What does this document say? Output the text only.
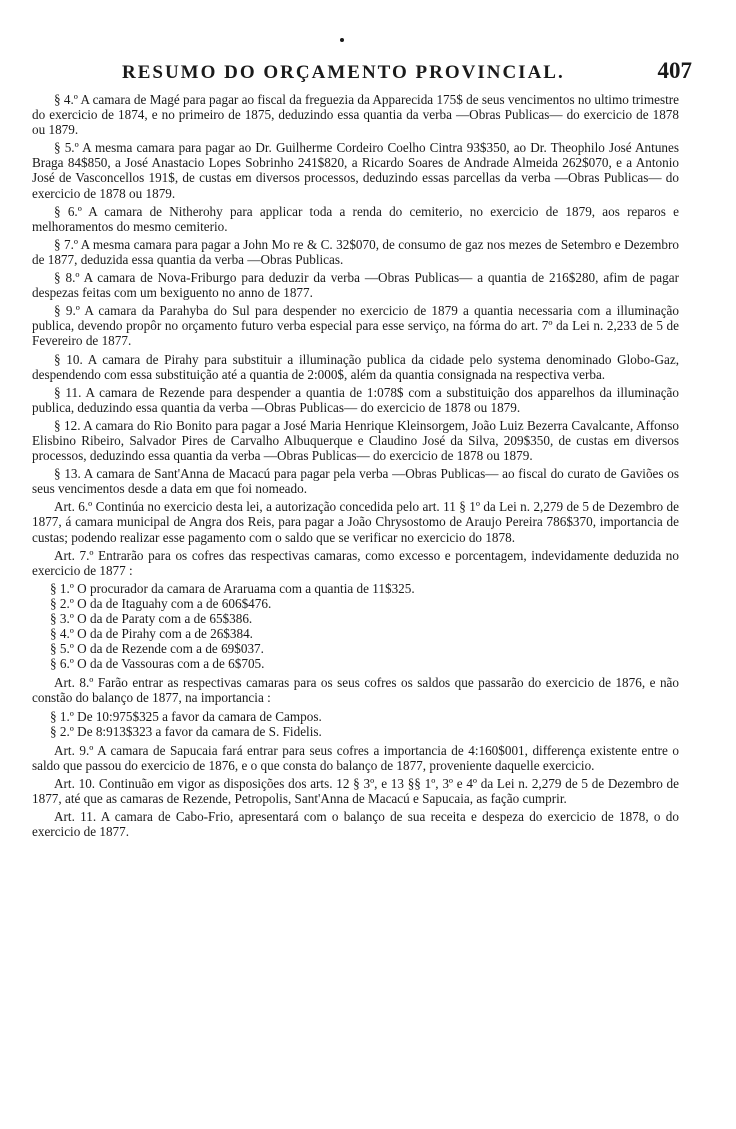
RESUMO DO ORÇAMENTO PROVINCIAL.	407

§ 4.º A camara de Magé para pagar ao fiscal da freguezia da Apparecida 175$ de seus vencimentos no ultimo trimestre do exercicio de 1874, e no primeiro de 1875, deduzindo essa quantia da verba —Obras Publicas— do exercicio de 1878 ou 1879.

§ 5.º A mesma camara para pagar ao Dr. Guilherme Cordeiro Coelho Cintra 93$350, ao Dr. Theophilo José Antunes Braga 84$850, a José Anastacio Lopes Sobrinho 241$820, a Ricardo Soares de Andrade Almeida 262$070, e a Antonio José de Vasconcellos 191$, de custas em diversos processos, deduzindo essas parcellas da verba —Obras Publicas— do exercicio de 1878 ou 1879.

§ 6.º A camara de Nitherohy para applicar toda a renda do cemiterio, no exercicio de 1879, aos reparos e melhoramentos do mesmo cemiterio.

§ 7.º A mesma camara para pagar a John Mo re & C. 32$070, de consumo de gaz nos mezes de Setembro e Dezembro de 1877, deduzida essa quantia da verba —Obras Publicas.

§ 8.º A camara de Nova-Friburgo para deduzir da verba —Obras Publicas— a quantia de 216$280, afim de pagar despezas feitas com um bexiguento no anno de 1877.

§ 9.º A camara da Parahyba do Sul para despender no exercicio de 1879 a quantia necessaria com a illuminação publica, devendo propôr no orçamento futuro verba especial para esse serviço, na fórma do art. 7º da Lei n. 2,233 de 5 de Fevereiro de 1877.

§ 10. A camara de Pirahy para substituir a illuminação publica da cidade pelo systema denominado Globo-Gaz, despendendo com essa substituição até a quantia de 2:000$, além da quantia consignada na respectiva verba.

§ 11. A camara de Rezende para despender a quantia de 1:078$ com a substituição dos apparelhos da illuminação publica, deduzindo essa quantia da verba —Obras Publicas— do exercicio de 1878 ou 1879.

§ 12. A camara do Rio Bonito para pagar a José Maria Henrique Kleinsorgem, João Luiz Bezerra Cavalcante, Affonso Elisbino Ribeiro, Salvador Pires de Carvalho Albuquerque e Claudino José da Silva, 209$350, de custas em diversos processos, deduzindo essa quantia da verba —Obras Publicas— do exercicio de 1878 ou 1879.

§ 13. A camara de Sant'Anna de Macacú para pagar pela verba —Obras Publicas— ao fiscal do curato de Gaviões os seus vencimentos desde a data em que foi nomeado.

Art. 6.º Continúa no exercicio desta lei, a autorização concedida pelo art. 11 § 1º da Lei n. 2,279 de 5 de Dezembro de 1877, á camara municipal de Angra dos Reis, para pagar a João Chrysostomo de Araujo Pereira 786$370, importancia de custas; podendo realizar esse pagamento com o saldo que se verificar no exercicio do 1878.

Art. 7.º Entrarão para os cofres das respectivas camaras, como excesso e porcentagem, indevidamente deduzida no exercicio de 1877 :

§ 1.º O procurador da camara de Araruama com a quantia de 11$325.
§ 2.º O da de Itaguahy com a de 606$476.
§ 3.º O da de Paraty com a de 65$386.
§ 4.º O da de Pirahy com a de 26$384.
§ 5.º O da de Rezende com a de 69$037.
§ 6.º O da de Vassouras com a de 6$705.

Art. 8.º Farão entrar as respectivas camaras para os seus cofres os saldos que passarão do exercicio de 1876, e não constão do balanço de 1877, na importancia :

§ 1.º De 10:975$325 a favor da camara de Campos.
§ 2.º De 8:913$323 a favor da camara de S. Fidelis.

Art. 9.º A camara de Sapucaia fará entrar para seus cofres a importancia de 4:160$001, differença existente entre o saldo que passou do exercicio de 1876, e o que consta do balanço de 1877, proveniente daquelle exercicio.

Art. 10. Continuão em vigor as disposições dos arts. 12 § 3º, e 13 §§ 1º, 3º e 4º da Lei n. 2,279 de 5 de Dezembro de 1877, até que as camaras de Rezende, Petropolis, Sant'Anna de Macacú e Sapucaia, as fação cumprir.

Art. 11. A camara de Cabo-Frio, apresentará com o balanço de sua receita e despeza do exercicio de 1878, o do exercicio de 1877.
